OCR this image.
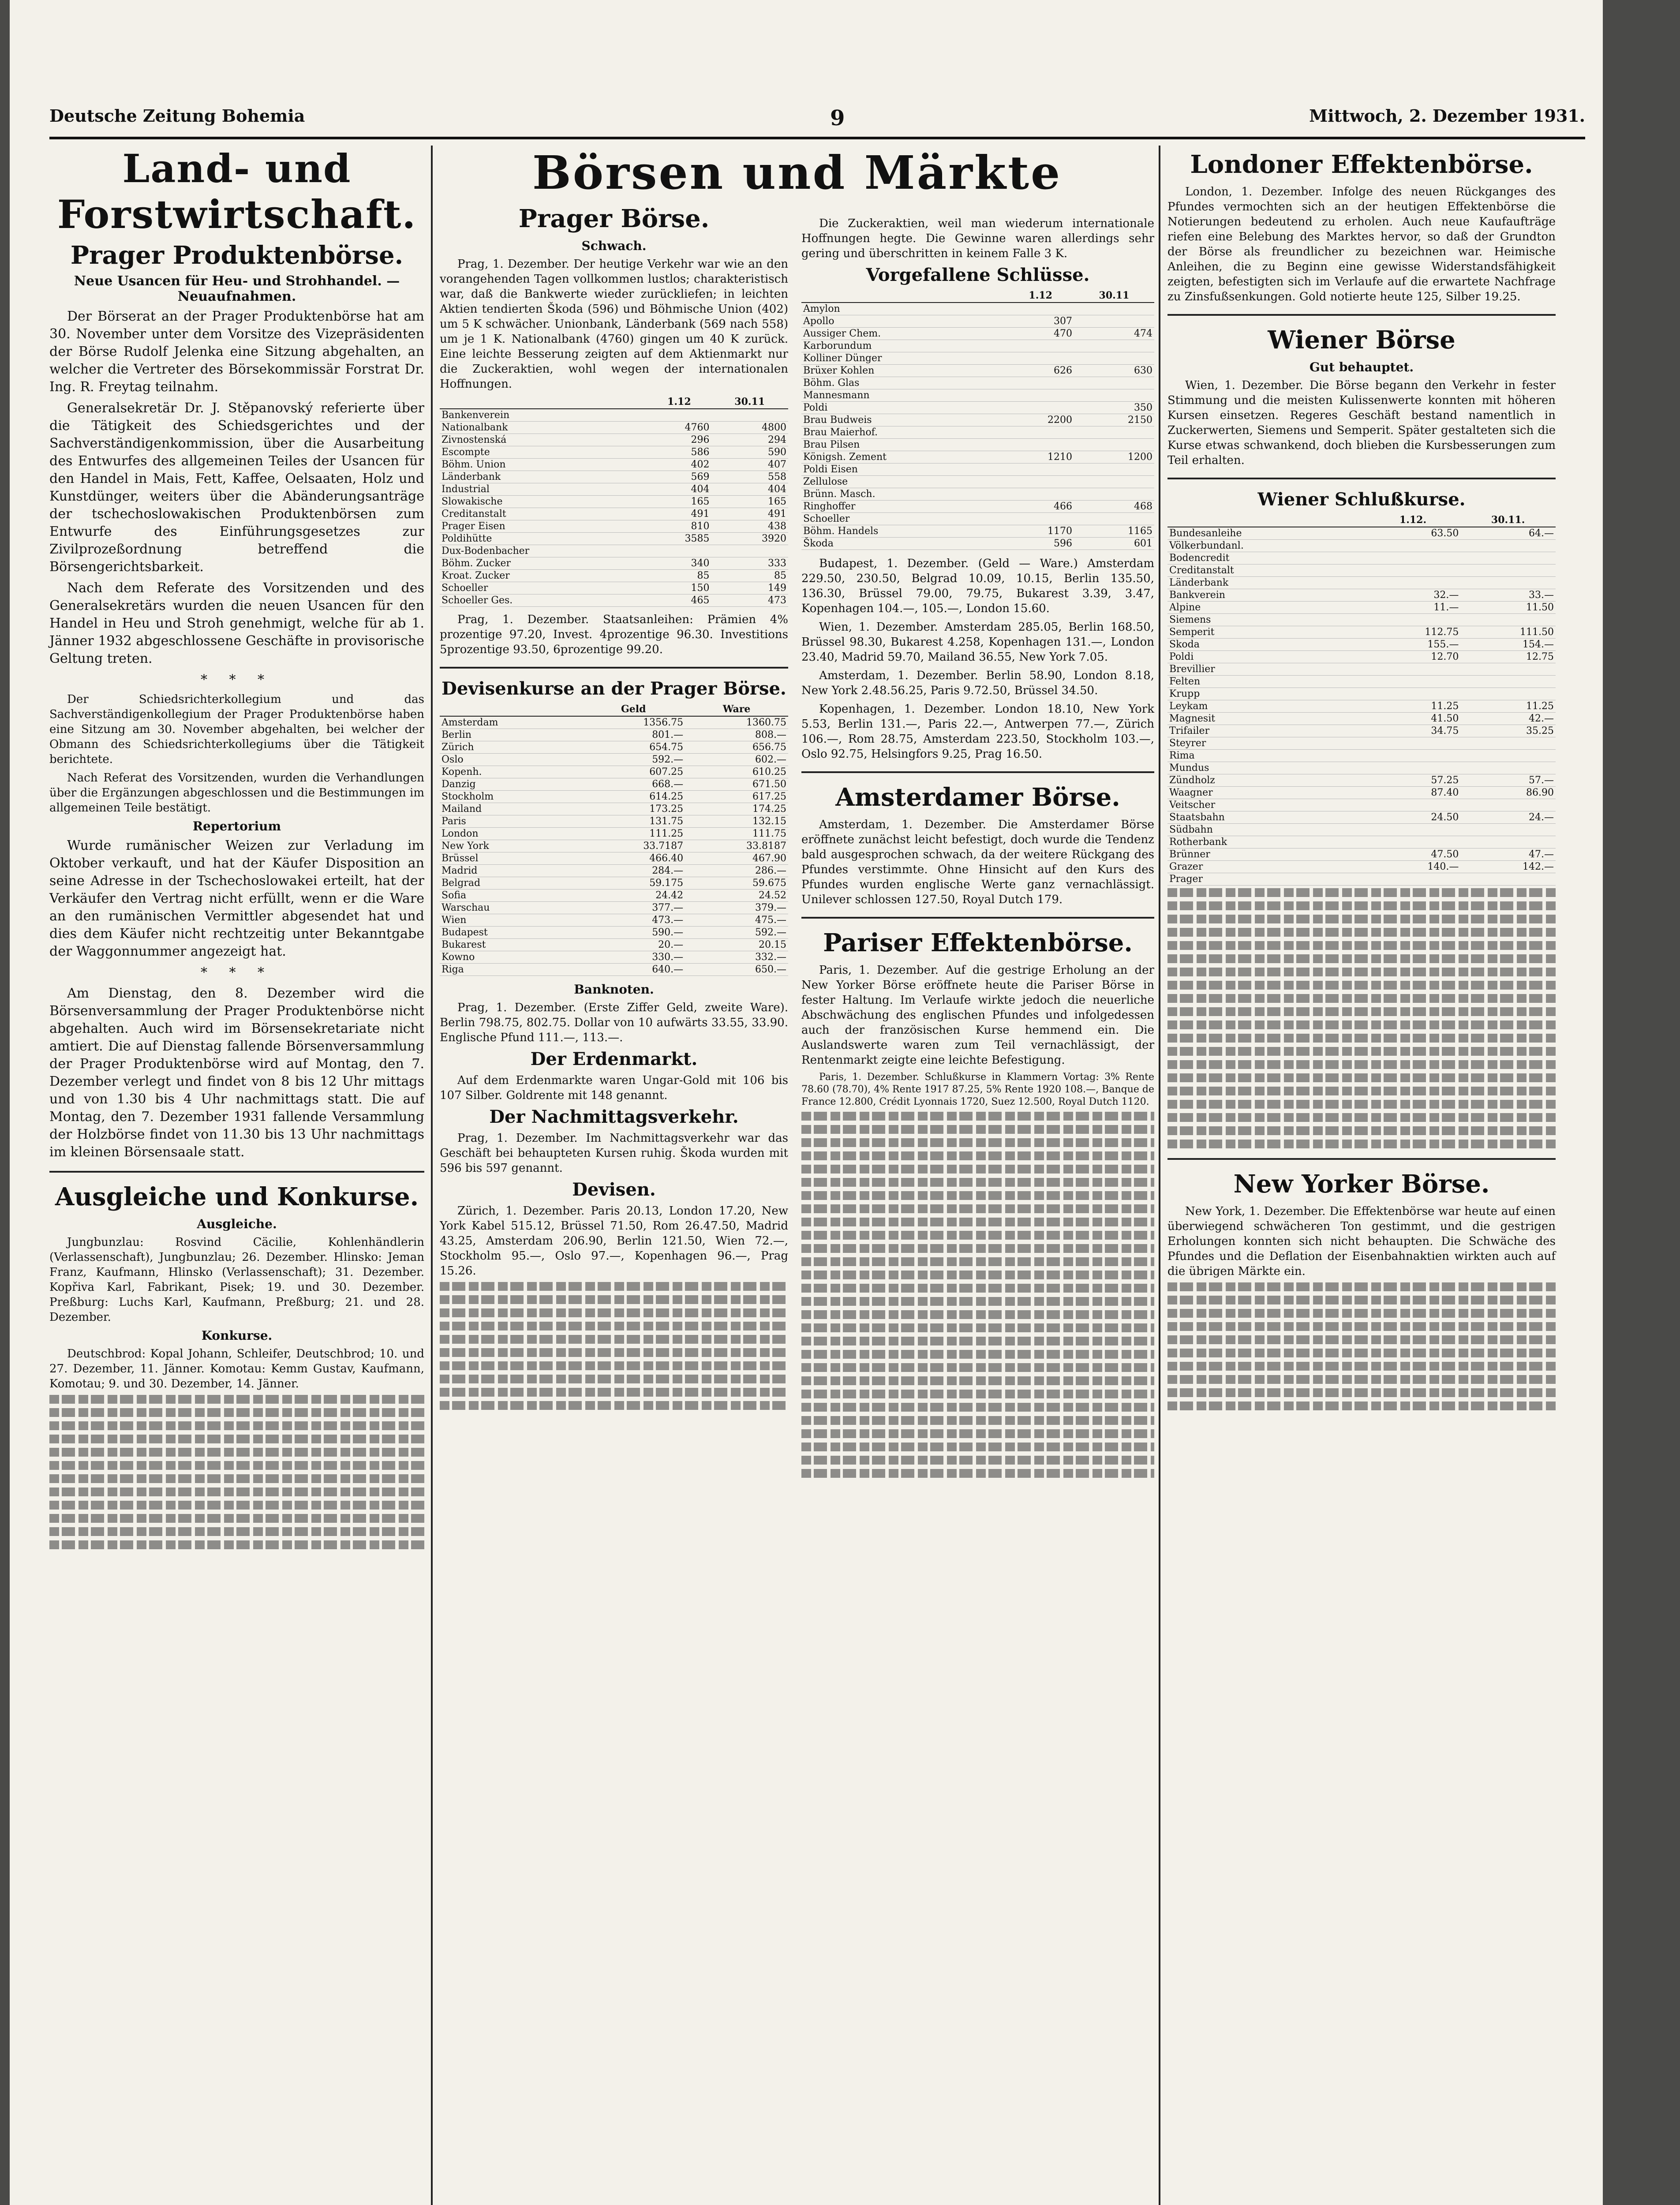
Deutsche Zeitung Bohemia	9	Mittwoch, 2. Dezember 1931.
Land- und Forstwirtschaft.
Prager Produktenbörse.
Neue Usancen für Heu- und Strohhandel. — Neuaufnahmen.

Der Börserat an der Prager Produktenbörse hat am 30. November unter dem Vorsitze des Vizepräsidenten der Börse Rudolf Jelenka eine Sitzung abgehalten, an welcher die Vertreter des Börsekommissär Forstrat Dr. Ing. R. Freytag teilnahm.

Generalsekretär Dr. J. Stěpanovský referierte über die Tätigkeit des Schiedsgerichtes und der Sachverständigenkommission, über die Ausarbeitung des Entwurfes des allgemeinen Teiles der Usancen für den Handel in Mais, Fett, Kaffee, Oelsaaten, Holz und Kunstdünger, weiters über die Abänderungsanträge der tschechoslowakischen Produktenbörsen zum Entwurfe des Einführungsgesetzes zur Zivilprozeßordnung betreffend die Börsengerichtsbarkeit.

Nach dem Referate des Vorsitzenden und des Generalsekretärs wurden die neuen Usancen für den Handel in Heu und Stroh genehmigt, welche für ab 1. Jänner 1932 abgeschlossene Geschäfte in provisorische Geltung treten.

* * *

Der Schiedsrichterkollegium und das Sachverständigenkollegium der Prager Produktenbörse haben eine Sitzung am 30. November abgehalten, bei welcher der Obmann des Schiedsrichterkollegiums über die Tätigkeit berichtete.

Nach Referat des Vorsitzenden, wurden die Verhandlungen über die Ergänzungen abgeschlossen und die Bestimmungen im allgemeinen Teile bestätigt.

Repertorium

Wurde rumänischer Weizen zur Verladung im Oktober verkauft, und hat der Käufer Disposition an seine Adresse in der Tschechoslowakei erteilt, hat der Verkäufer den Vertrag nicht erfüllt, wenn er die Ware an den rumänischen Vermittler abgesendet hat und dies dem Käufer nicht rechtzeitig unter Bekanntgabe der Waggonnummer angezeigt hat.

* * *

Am Dienstag, den 8. Dezember wird die Börsenversammlung der Prager Produktenbörse nicht abgehalten. Auch wird im Börsensekretariate nicht amtiert. Die auf Dienstag fallende Börsenversammlung der Prager Produktenbörse wird auf Montag, den 7. Dezember verlegt und findet von 8 bis 12 Uhr mittags und von 1.30 bis 4 Uhr nachmittags statt. Die auf Montag, den 7. Dezember 1931 fallende Versammlung der Holzbörse findet von 11.30 bis 13 Uhr nachmittags im kleinen Börsensaale statt.

Ausgleiche und Konkurse.
Ausgleiche.

Jungbunzlau: Rosvind Cäcilie, Kohlenhändlerin (Verlassenschaft), Jungbunzlau; 26. Dezember. Hlinsko: Jeman Franz, Kaufmann, Hlinsko (Verlassenschaft); 31. Dezember. Kopřiva Karl, Fabrikant, Pisek; 19. und 30. Dezember. Preßburg: Luchs Karl, Kaufmann, Preßburg; 21. und 28. Dezember.

Konkurse.

Deutschbrod: Kopal Johann, Schleifer, Deutschbrod; 10. und 27. Dezember, 11. Jänner. Komotau: Kemm Gustav, Kaufmann, Komotau; 9. und 30. Dezember, 14. Jänner.

Börsen und Märkte
Prager Börse.
Schwach.

Prag, 1. Dezember. Der heutige Verkehr war wie an den vorangehenden Tagen vollkommen lustlos; charakteristisch war, daß die Bankwerte wieder zurückliefen; in leichten Aktien tendierten Škoda (596) und Böhmische Union (402) um 5 K schwächer. Unionbank, Länderbank (569 nach 558) um je 1 K. Nationalbank (4760) gingen um 40 K zurück. Eine leichte Besserung zeigten auf dem Aktienmarkt nur die Zuckeraktien, wohl wegen der internationalen Hoffnungen.

	1.12	30.11
Bankenverein		
Nationalbank	4760	4800
Zivnostenská	296	294
Escompte	586	590
Böhm. Union	402	407
Länderbank	569	558
Industrial	404	404
Slowakische	165	165
Creditanstalt	491	491
Prager Eisen	810	438
Poldihütte	3585	3920
Dux-Bodenbacher		
Böhm. Zucker	340	333
Kroat. Zucker	85	85
Schoeller	150	149
Schoeller Ges.	465	473

Prag, 1. Dezember. Staatsanleihen: Prämien 4% prozentige 97.20, Invest. 4prozentige 96.30. Investitions 5prozentige 93.50, 6prozentige 99.20.

Devisenkurse an der Prager Börse.
	Geld	Ware
Amsterdam	1356.75	1360.75
Berlin	801.—	808.—
Zürich	654.75	656.75
Oslo	592.—	602.—
Kopenh.	607.25	610.25
Danzig	668.—	671.50
Stockholm	614.25	617.25
Mailand	173.25	174.25
Paris	131.75	132.15
London	111.25	111.75
New York	33.7187	33.8187
Brüssel	466.40	467.90
Madrid	284.—	286.—
Belgrad	59.175	59.675
Sofia	24.42	24.52
Warschau	377.—	379.—
Wien	473.—	475.—
Budapest	590.—	592.—
Bukarest	20.—	20.15
Kowno	330.—	332.—
Riga	640.—	650.—
Banknoten.

Prag, 1. Dezember. (Erste Ziffer Geld, zweite Ware). Berlin 798.75, 802.75. Dollar von 10 aufwärts 33.55, 33.90. Englische Pfund 111.—, 113.—.

Der Erdenmarkt.

Auf dem Erdenmarkte waren Ungar-Gold mit 106 bis 107 Silber. Goldrente mit 148 genannt.

Der Nachmittagsverkehr.

Prag, 1. Dezember. Im Nachmittagsverkehr war das Geschäft bei behaupteten Kursen ruhig. Škoda wurden mit 596 bis 597 genannt.

Devisen.

Zürich, 1. Dezember. Paris 20.13, London 17.20, New York Kabel 515.12, Brüssel 71.50, Rom 26.47.50, Madrid 43.25, Amsterdam 206.90, Berlin 121.50, Wien 72.—, Stockholm 95.—, Oslo 97.—, Kopenhagen 96.—, Prag 15.26.

Die Zuckeraktien, weil man wiederum internationale Hoffnungen hegte. Die Gewinne waren allerdings sehr gering und überschritten in keinem Falle 3 K.

Vorgefallene Schlüsse.
	1.12	30.11
Amylon		
Apollo	307	
Aussiger Chem.	470	474
Karborundum		
Kolliner Dünger		
Brüxer Kohlen	626	630
Böhm. Glas		
Mannesmann		
Poldi		350
Brau Budweis	2200	2150
Brau Maierhof.		
Brau Pilsen		
Königsh. Zement	1210	1200
Poldi Eisen		
Zellulose		
Brünn. Masch.		
Ringhoffer	466	468
Schoeller		
Böhm. Handels	1170	1165
Škoda	596	601

Budapest, 1. Dezember. (Geld — Ware.) Amsterdam 229.50, 230.50, Belgrad 10.09, 10.15, Berlin 135.50, 136.30, Brüssel 79.00, 79.75, Bukarest 3.39, 3.47, Kopenhagen 104.—, 105.—, London 15.60.

Wien, 1. Dezember. Amsterdam 285.05, Berlin 168.50, Brüssel 98.30, Bukarest 4.258, Kopenhagen 131.—, London 23.40, Madrid 59.70, Mailand 36.55, New York 7.05.

Amsterdam, 1. Dezember. Berlin 58.90, London 8.18, New York 2.48.56.25, Paris 9.72.50, Brüssel 34.50.

Kopenhagen, 1. Dezember. London 18.10, New York 5.53, Berlin 131.—, Paris 22.—, Antwerpen 77.—, Zürich 106.—, Rom 28.75, Amsterdam 223.50, Stockholm 103.—, Oslo 92.75, Helsingfors 9.25, Prag 16.50.

Amsterdamer Börse.

Amsterdam, 1. Dezember. Die Amsterdamer Börse eröffnete zunächst leicht befestigt, doch wurde die Tendenz bald ausgesprochen schwach, da der weitere Rückgang des Pfundes verstimmte. Ohne Hinsicht auf den Kurs des Pfundes wurden englische Werte ganz vernachlässigt. Unilever schlossen 127.50, Royal Dutch 179.

Pariser Effektenbörse.

Paris, 1. Dezember. Auf die gestrige Erholung an der New Yorker Börse eröffnete heute die Pariser Börse in fester Haltung. Im Verlaufe wirkte jedoch die neuerliche Abschwächung des englischen Pfundes und infolgedessen auch der französischen Kurse hemmend ein. Die Auslandswerte waren zum Teil vernachlässigt, der Rentenmarkt zeigte eine leichte Befestigung.

Paris, 1. Dezember. Schlußkurse in Klammern Vortag: 3% Rente 78.60 (78.70), 4% Rente 1917 87.25, 5% Rente 1920 108.—, Banque de France 12.800, Crédit Lyonnais 1720, Suez 12.500, Royal Dutch 1120.

Londoner Effektenbörse.

London, 1. Dezember. Infolge des neuen Rückganges des Pfundes vermochten sich an der heutigen Effektenbörse die Notierungen bedeutend zu erholen. Auch neue Kaufaufträge riefen eine Belebung des Marktes hervor, so daß der Grundton der Börse als freundlicher zu bezeichnen war. Heimische Anleihen, die zu Beginn eine gewisse Widerstandsfähigkeit zeigten, befestigten sich im Verlaufe auf die erwartete Nachfrage zu Zinsfußsenkungen. Gold notierte heute 125, Silber 19.25.

Wiener Börse
Gut behauptet.

Wien, 1. Dezember. Die Börse begann den Verkehr in fester Stimmung und die meisten Kulissenwerte konnten mit höheren Kursen einsetzen. Regeres Geschäft bestand namentlich in Zuckerwerten, Siemens und Semperit. Später gestalteten sich die Kurse etwas schwankend, doch blieben die Kursbesserungen zum Teil erhalten.

Wiener Schlußkurse.
	1.12.	30.11.
Bundesanleihe	63.50	64.—
Völkerbundanl.		
Bodencredit		
Creditanstalt		
Länderbank		
Bankverein	32.—	33.—
Alpine	11.—	11.50
Siemens		
Semperit	112.75	111.50
Skoda	155.—	154.—
Poldi	12.70	12.75
Brevillier		
Felten		
Krupp		
Leykam	11.25	11.25
Magnesit	41.50	42.—
Trifailer	34.75	35.25
Steyrer		
Rima		
Mundus		
Zündholz	57.25	57.—
Waagner	87.40	86.90
Veitscher		
Staatsbahn	24.50	24.—
Südbahn		
Rotherbank		
Brünner	47.50	47.—
Grazer	140.—	142.—
Prager		
New Yorker Börse.

New York, 1. Dezember. Die Effektenbörse war heute auf einen überwiegend schwächeren Ton gestimmt, und die gestrigen Erholungen konnten sich nicht behaupten. Die Schwäche des Pfundes und die Deflation der Eisenbahnaktien wirkten auch auf die übrigen Märkte ein.
